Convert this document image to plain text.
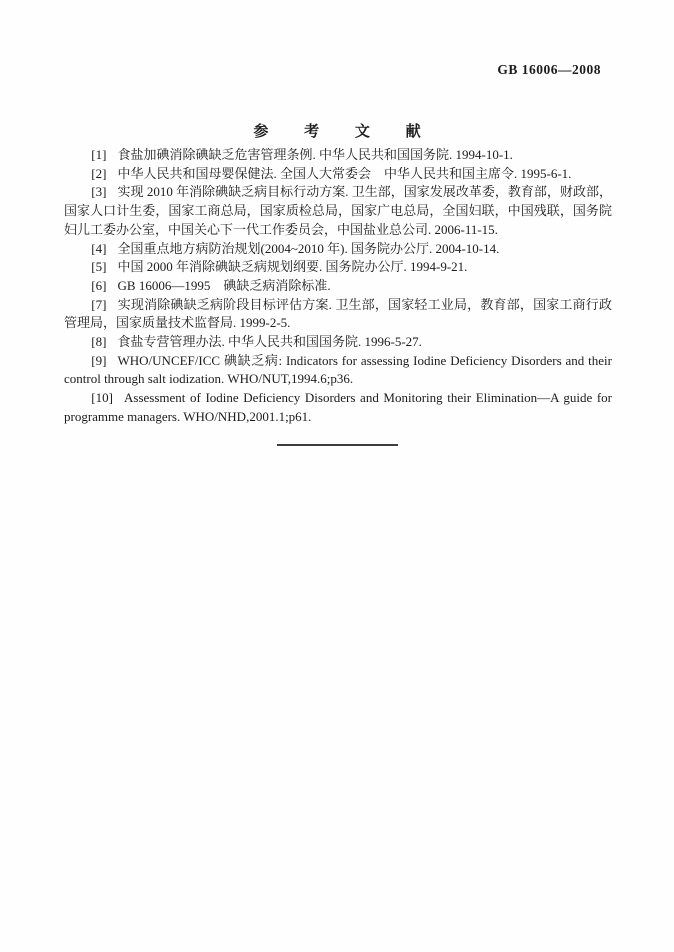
GB 16006—2008
参 考 文 献

[1] 食盐加碘消除碘缺乏危害管理条例. 中华人民共和国国务院. 1994-10-1.

[2] 中华人民共和国母婴保健法. 全国人大常委会　中华人民共和国主席令. 1995-6-1.

[3] 实现 2010 年消除碘缺乏病目标行动方案. 卫生部，国家发展改革委，教育部，财政部，国家人口计生委，国家工商总局，国家质检总局，国家广电总局，全国妇联，中国残联，国务院妇儿工委办公室，中国关心下一代工作委员会，中国盐业总公司. 2006-11-15.

[4] 全国重点地方病防治规划(2004~2010 年). 国务院办公厅. 2004-10-14.

[5] 中国 2000 年消除碘缺乏病规划纲要. 国务院办公厅. 1994-9-21.

[6] GB 16006—1995　碘缺乏病消除标准.

[7] 实现消除碘缺乏病阶段目标评估方案. 卫生部，国家轻工业局，教育部，国家工商行政管理局，国家质量技术监督局. 1999-2-5.

[8] 食盐专营管理办法. 中华人民共和国国务院. 1996-5-27.

[9] WHO/UNCEF/ICC 碘缺乏病: Indicators for assessing Iodine Deficiency Disorders and their control through salt iodization. WHO/NUT,1994.6;p36.

[10] Assessment of Iodine Deficiency Disorders and Monitoring their Elimination—A guide for programme managers. WHO/NHD,2001.1;p61.
